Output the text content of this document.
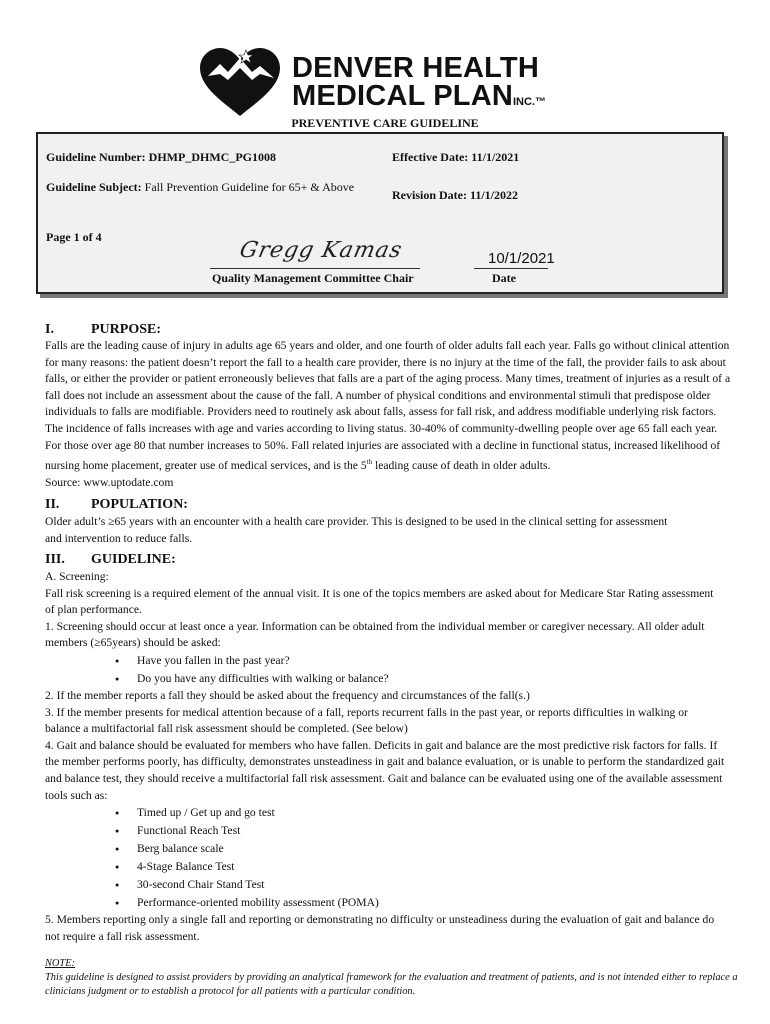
DENVER HEALTH
MEDICAL PLANINC.™
PREVENTIVE CARE GUIDELINE
Guideline Number: DHMP_DHMC_PG1008	Effective Date: 11/1/2021
Guideline Subject: Fall Prevention Guideline for 65+ & Above
Revision Date: 11/1/2022
Page 1 of 4
Gregg Kamas	10/1/2021
Quality Management Committee Chair	Date
I.	PURPOSE:

Falls are the leading cause of injury in adults age 65 years and older, and one fourth of older adults fall each year. Falls go without clinical attention for many reasons: the patient doesn’t report the fall to a health care provider, there is no injury at the time of the fall, the provider fails to ask about falls, or either the provider or patient erroneously believes that falls are a part of the aging process. Many times, treatment of injuries as a result of a fall does not include an assessment about the cause of the fall. A number of physical conditions and environmental stimuli that predispose older individuals to falls are modifiable. Providers need to routinely ask about falls, assess for fall risk, and address modifiable underlying risk factors.

The incidence of falls increases with age and varies according to living status. 30-40% of community-dwelling people over age 65 fall each year. For those over age 80 that number increases to 50%. Fall related injuries are associated with a decline in functional status, increased likelihood of nursing home placement, greater use of medical services, and is the 5th leading cause of death in older adults.

Source: www.uptodate.com

II. POPULATION:

Older adult’s ≥65 years with an encounter with a health care provider. This is designed to be used in the clinical setting for assessment and intervention to reduce falls.

III. GUIDELINE:

A. Screening:

Fall risk screening is a required element of the annual visit. It is one of the topics members are asked about for Medicare Star Rating assessment of plan performance.

1. Screening should occur at least once a year. Information can be obtained from the individual member or caregiver necessary. All older adult members (≥65years) should be asked:

● Have you fallen in the past year?
● Do you have any difficulties with walking or balance?

2. If the member reports a fall they should be asked about the frequency and circumstances of the fall(s.)

3. If the member presents for medical attention because of a fall, reports recurrent falls in the past year, or reports difficulties in walking or balance a multifactorial fall risk assessment should be completed. (See below)

4. Gait and balance should be evaluated for members who have fallen. Deficits in gait and balance are the most predictive risk factors for falls. If the member performs poorly, has difficulty, demonstrates unsteadiness in gait and balance evaluation, or is unable to perform the standardized gait and balance test, they should receive a multifactorial fall risk assessment. Gait and balance can be evaluated using one of the available assessment tools such as:

● Timed up / Get up and go test
● Functional Reach Test
● Berg balance scale
● 4-Stage Balance Test
● 30-second Chair Stand Test
● Performance-oriented mobility assessment (POMA)

5. Members reporting only a single fall and reporting or demonstrating no difficulty or unsteadiness during the evaluation of gait and balance do not require a fall risk assessment.

NOTE:
This guideline is designed to assist providers by providing an analytical framework for the evaluation and treatment of patients, and is not intended either to replace a clinicians judgment or to establish a protocol for all patients with a particular condition.
